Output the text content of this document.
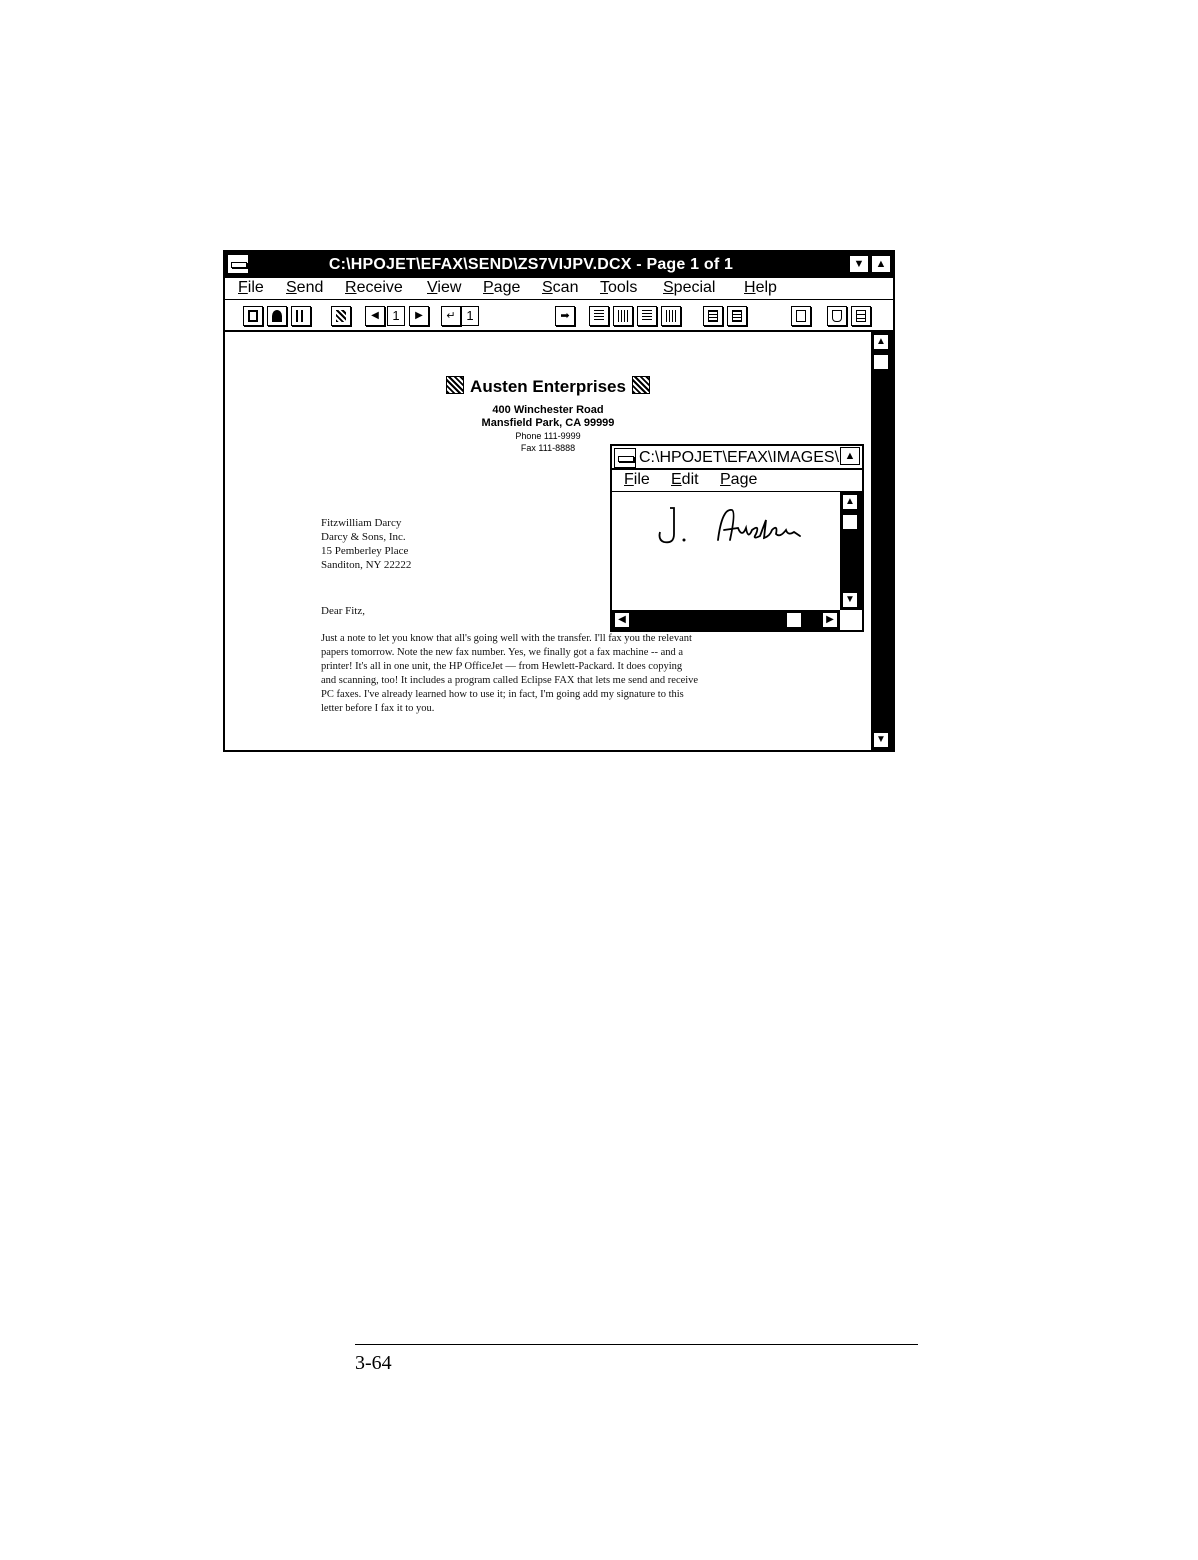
C:\HPOJET\EFAX\SEND\ZS7VIJPV.DCX - Page 1 of 1	▼	▲
File Send Receive View Page Scan Tools Special Help
◀	1	▶	↵ 1	➡
Austen Enterprises
400 Winchester Road
Mansfield Park, CA 99999
Phone 111-9999
Fax 111-8888
Fitzwilliam Darcy
Darcy & Sons, Inc.
15 Pemberley Place
Sanditon, NY 22222
Dear Fitz,
Just a note to let you know that all's going well with the transfer. I'll fax you the relevant
papers tomorrow. Note the new fax number. Yes, we finally got a fax machine -- and a
printer! It's all in one unit, the HP OfficeJet — from Hewlett-Packard. It does copying
and scanning, too! It includes a program called Eclipse FAX that lets me send and receive
PC faxes. I've already learned how to use it; in fact, I'm going add my signature to this
letter before I fax it to you.
▲
▼
C:\HPOJET\EFAX\IMAGES\ ▲
File Edit Page
▲
▼
◀	▶
3-64
